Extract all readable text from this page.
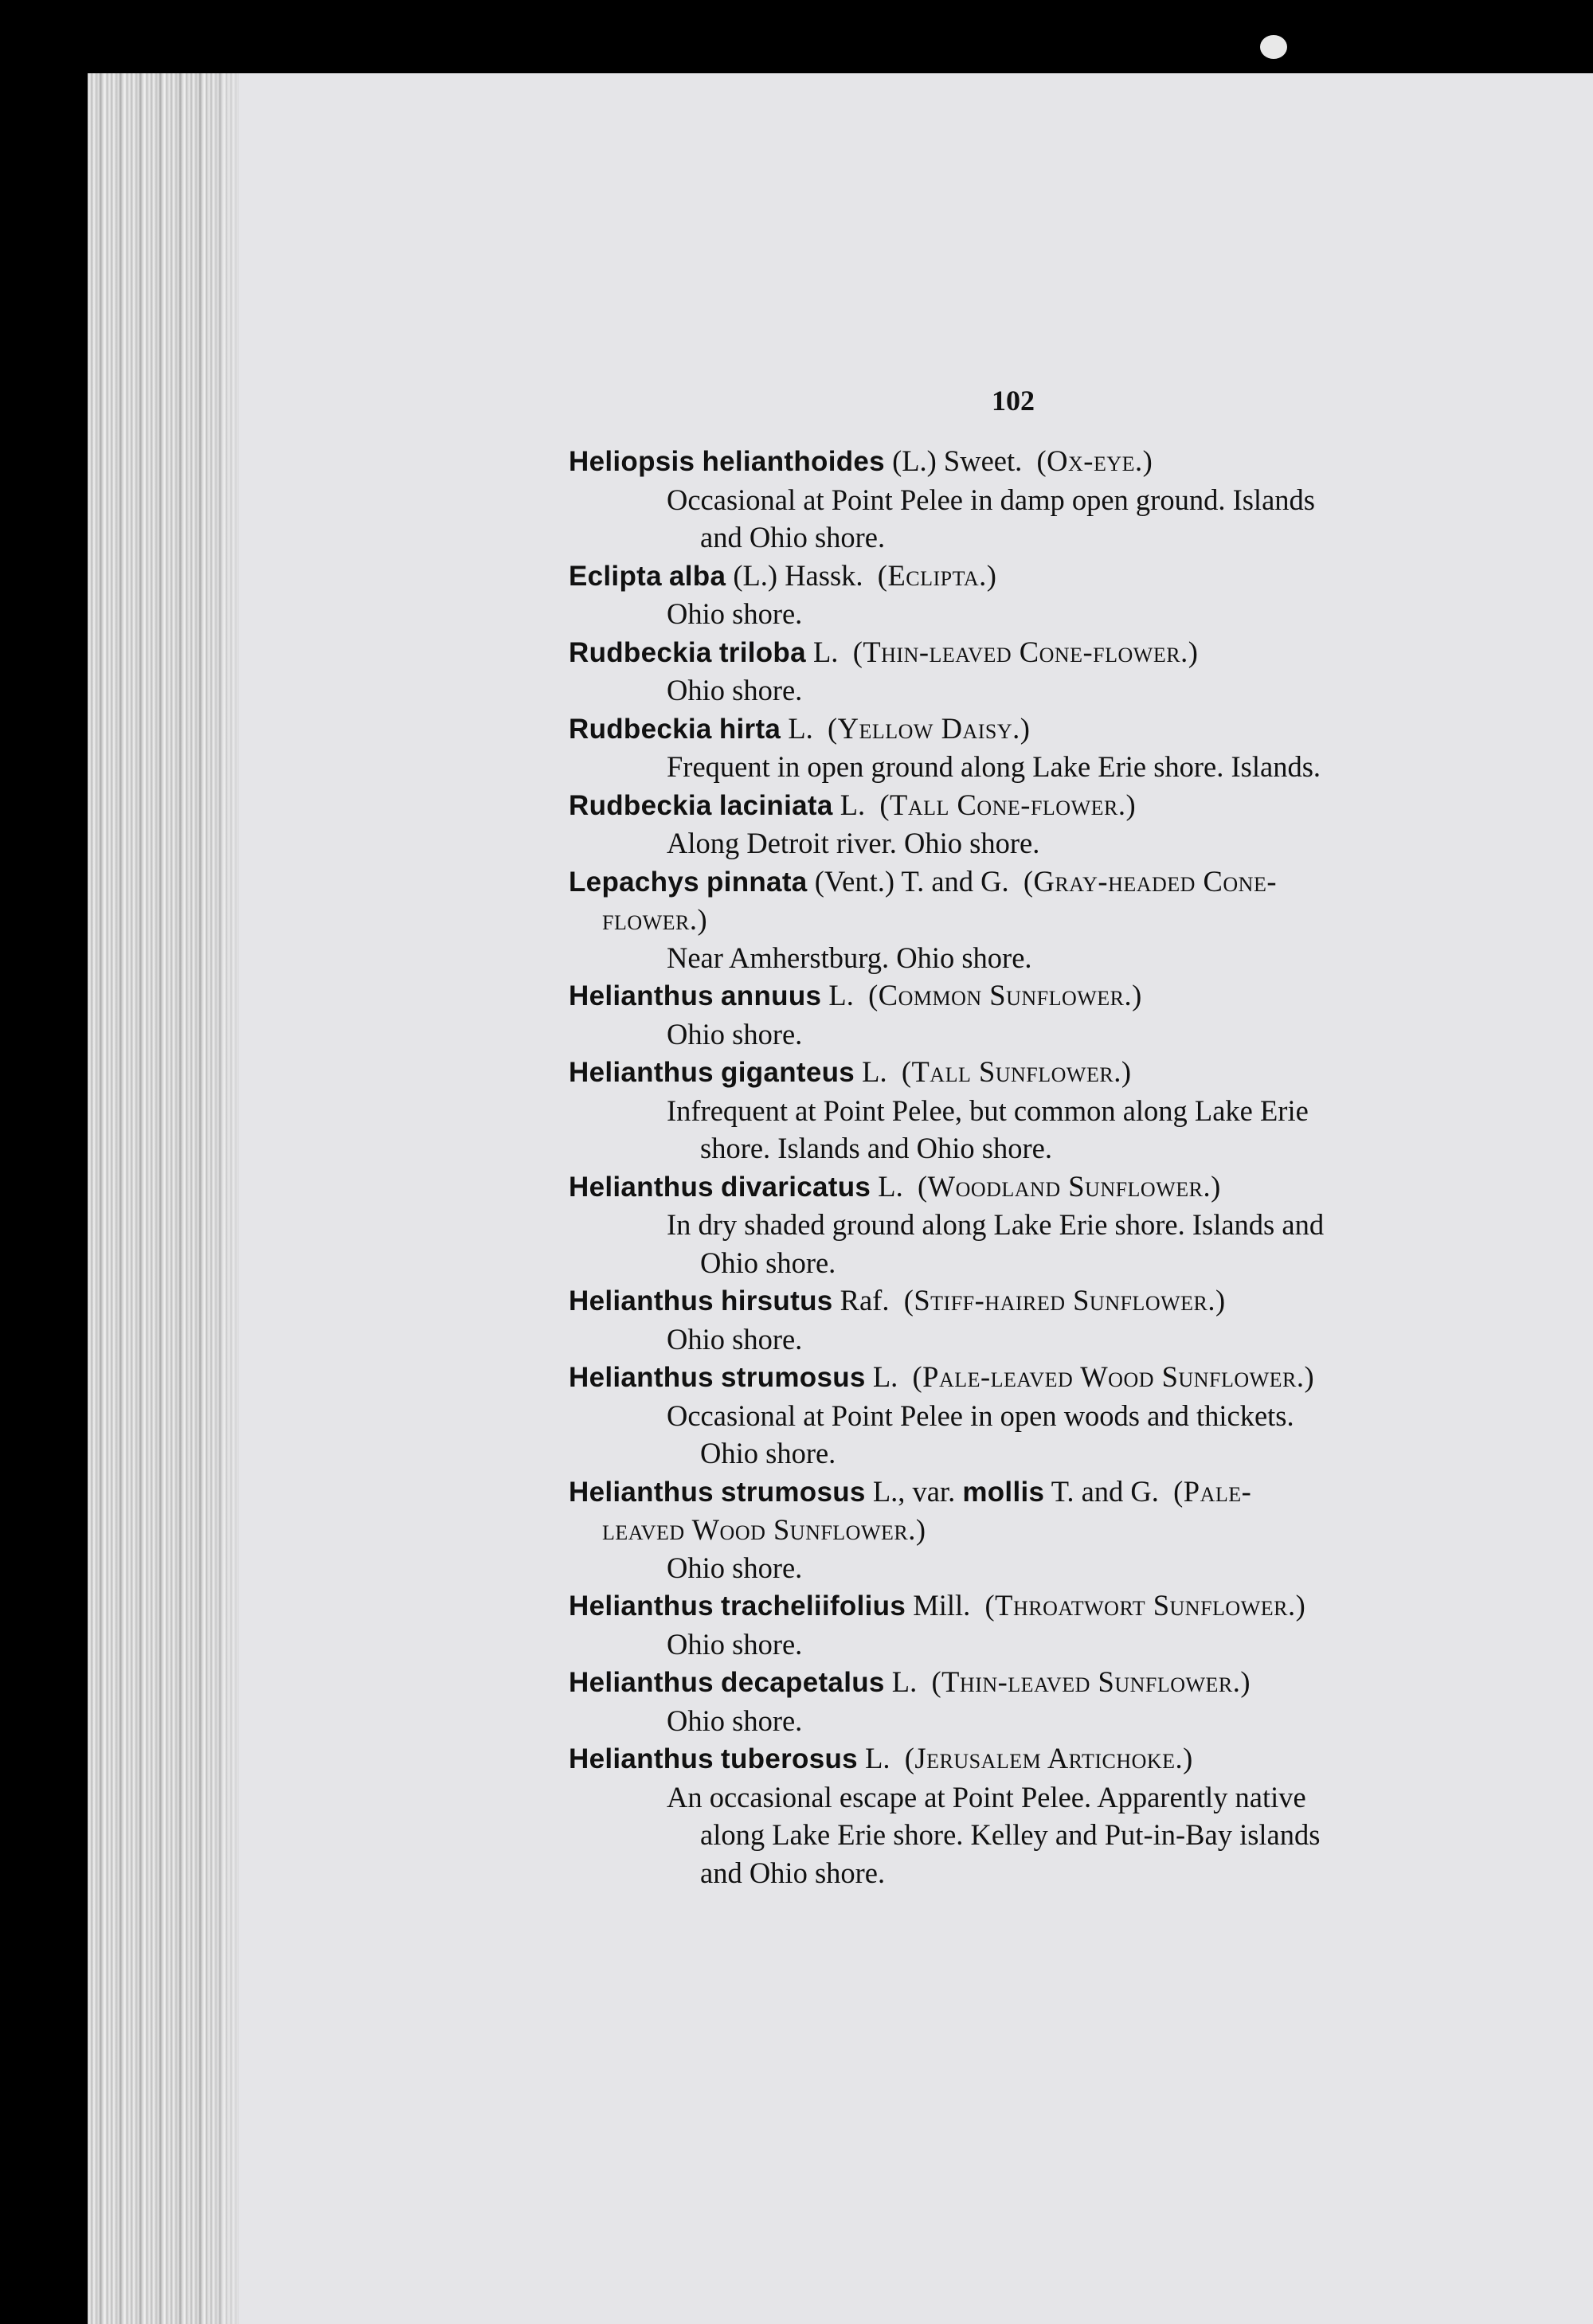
102
Heliopsis helianthoides (L.) Sweet. (Ox-eye.)
Occasional at Point Pelee in damp open ground. Islands
and Ohio shore.
Eclipta alba (L.) Hassk. (Eclipta.)
Ohio shore.
Rudbeckia triloba L. (Thin-leaved Cone-flower.)
Ohio shore.
Rudbeckia hirta L. (Yellow Daisy.)
Frequent in open ground along Lake Erie shore. Islands.
Rudbeckia laciniata L. (Tall Cone-flower.)
Along Detroit river. Ohio shore.
Lepachys pinnata (Vent.) T. and G. (Gray-headed Cone-
flower.)
Near Amherstburg. Ohio shore.
Helianthus annuus L. (Common Sunflower.)
Ohio shore.
Helianthus giganteus L. (Tall Sunflower.)
Infrequent at Point Pelee, but common along Lake Erie
shore. Islands and Ohio shore.
Helianthus divaricatus L. (Woodland Sunflower.)
In dry shaded ground along Lake Erie shore. Islands and
Ohio shore.
Helianthus hirsutus Raf. (Stiff-haired Sunflower.)
Ohio shore.
Helianthus strumosus L. (Pale-leaved Wood Sunflower.)
Occasional at Point Pelee in open woods and thickets.
Ohio shore.
Helianthus strumosus L., var. mollis T. and G. (Pale-
leaved Wood Sunflower.)
Ohio shore.
Helianthus tracheliifolius Mill. (Throatwort Sunflower.)
Ohio shore.
Helianthus decapetalus L. (Thin-leaved Sunflower.)
Ohio shore.
Helianthus tuberosus L. (Jerusalem Artichoke.)
An occasional escape at Point Pelee. Apparently native
along Lake Erie shore. Kelley and Put-in-Bay islands
and Ohio shore.
